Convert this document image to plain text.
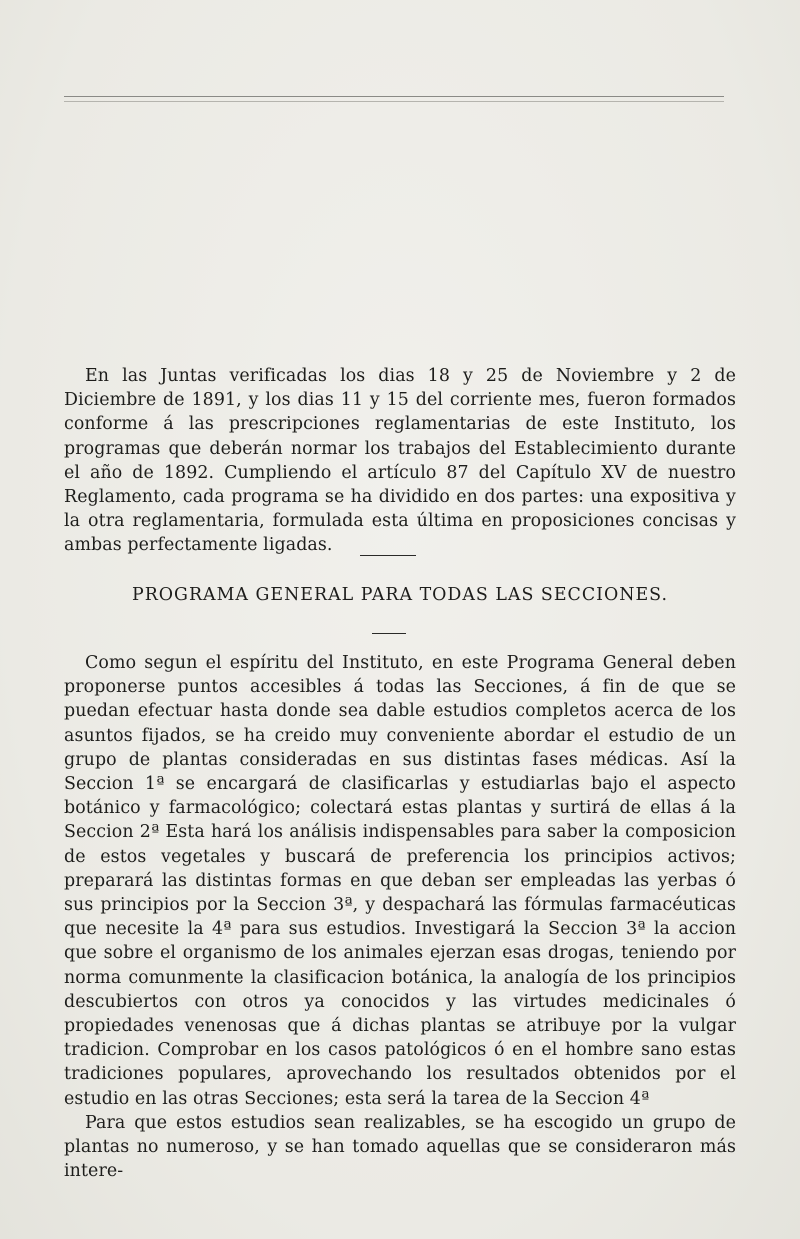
En las Juntas verificadas los dias 18 y 25 de Noviembre y 2 de Diciembre de 1891, y los dias 11 y 15 del corriente mes, fueron formados conforme á las prescripciones reglamentarias de este Instituto, los programas que deberán normar los trabajos del Establecimiento durante el año de 1892. Cumpliendo el artículo 87 del Capítulo XV de nuestro Reglamento, cada programa se ha dividido en dos partes: una expositiva y la otra reglamentaria, formulada esta última en proposiciones concisas y ambas perfectamente ligadas.

PROGRAMA GENERAL PARA TODAS LAS SECCIONES.

Como segun el espíritu del Instituto, en este Programa General deben proponerse puntos accesibles á todas las Secciones, á fin de que se puedan efectuar hasta donde sea dable estudios completos acerca de los asuntos fijados, se ha creido muy conveniente abordar el estudio de un grupo de plantas consideradas en sus distintas fases médicas. Así la Seccion 1ª se encargará de clasificarlas y estudiarlas bajo el aspecto botánico y farmacológico; colectará estas plantas y surtirá de ellas á la Seccion 2ª Esta hará los análisis indispensables para saber la composicion de estos vegetales y buscará de preferencia los principios activos; preparará las distintas formas en que deban ser empleadas las yerbas ó sus principios por la Seccion 3ª, y despachará las fórmulas farmacéuticas que necesite la 4ª para sus estudios. Investigará la Seccion 3ª la accion que sobre el organismo de los animales ejerzan esas drogas, teniendo por norma comunmente la clasificacion botánica, la analogía de los principios descubiertos con otros ya conocidos y las virtudes medicinales ó propiedades venenosas que á dichas plantas se atribuye por la vulgar tradicion. Comprobar en los casos patológicos ó en el hombre sano estas tradiciones populares, aprovechando los resultados obtenidos por el estudio en las otras Secciones; esta será la tarea de la Seccion 4ª

Para que estos estudios sean realizables, se ha escogido un grupo de plantas no numeroso, y se han tomado aquellas que se consideraron más intere-
